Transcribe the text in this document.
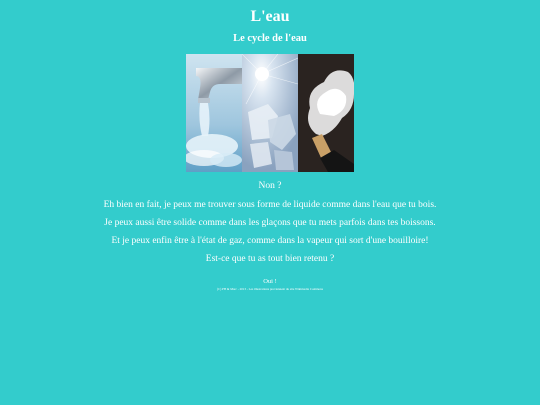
L'eau
Le cycle de l'eau
Non ?
Eh bien en fait, je peux me trouver sous forme de liquide comme dans l'eau que tu bois.
Je peux aussi être solide comme dans les glaçons que tu mets parfois dans tes boissons.
Et je peux enfin être à l'état de gaz, comme dans la vapeur qui sort d'une bouilloire!
Est-ce que tu as tout bien retenu ?
Oui !
(C) PH & Marc - 2013 - Les illustrations proviennent du site Wikimedia Commons
